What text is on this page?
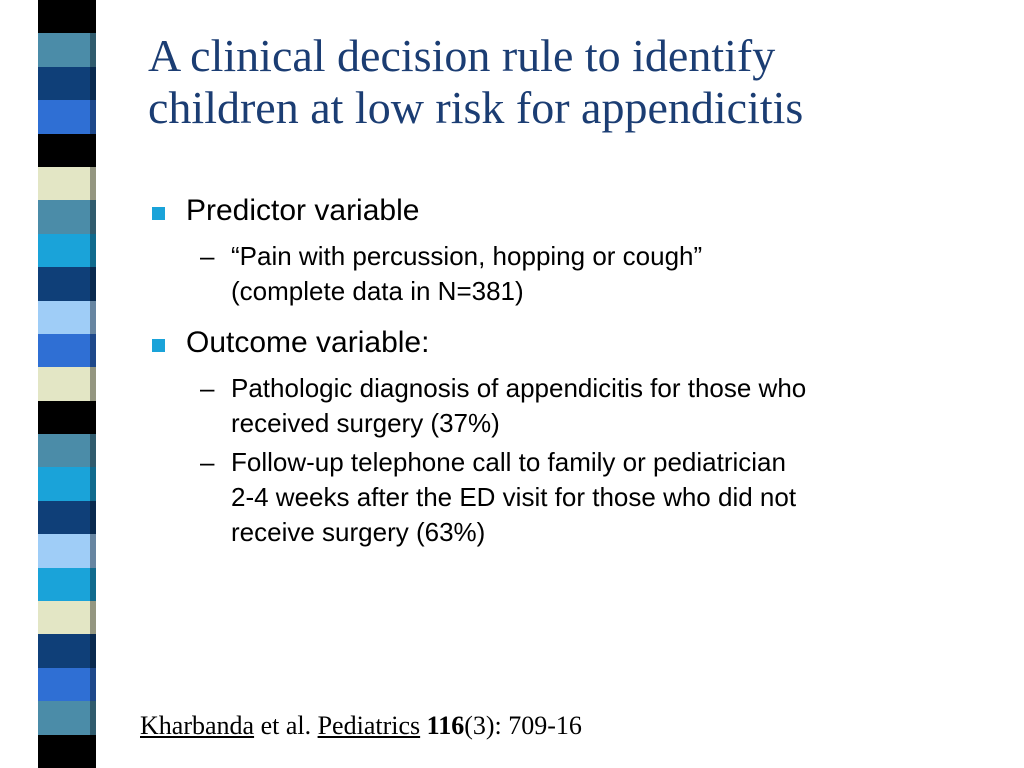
A clinical decision rule to identify
children at low risk for appendicitis
Predictor variable
– “Pain with percussion, hopping or cough”
(complete data in N=381)
Outcome variable:
– Pathologic diagnosis of appendicitis for those who
received surgery (37%)
– Follow-up telephone call to family or pediatrician
2-4 weeks after the ED visit for those who did not
receive surgery (63%)
Kharbanda et al. Pediatrics 116(3): 709-16
